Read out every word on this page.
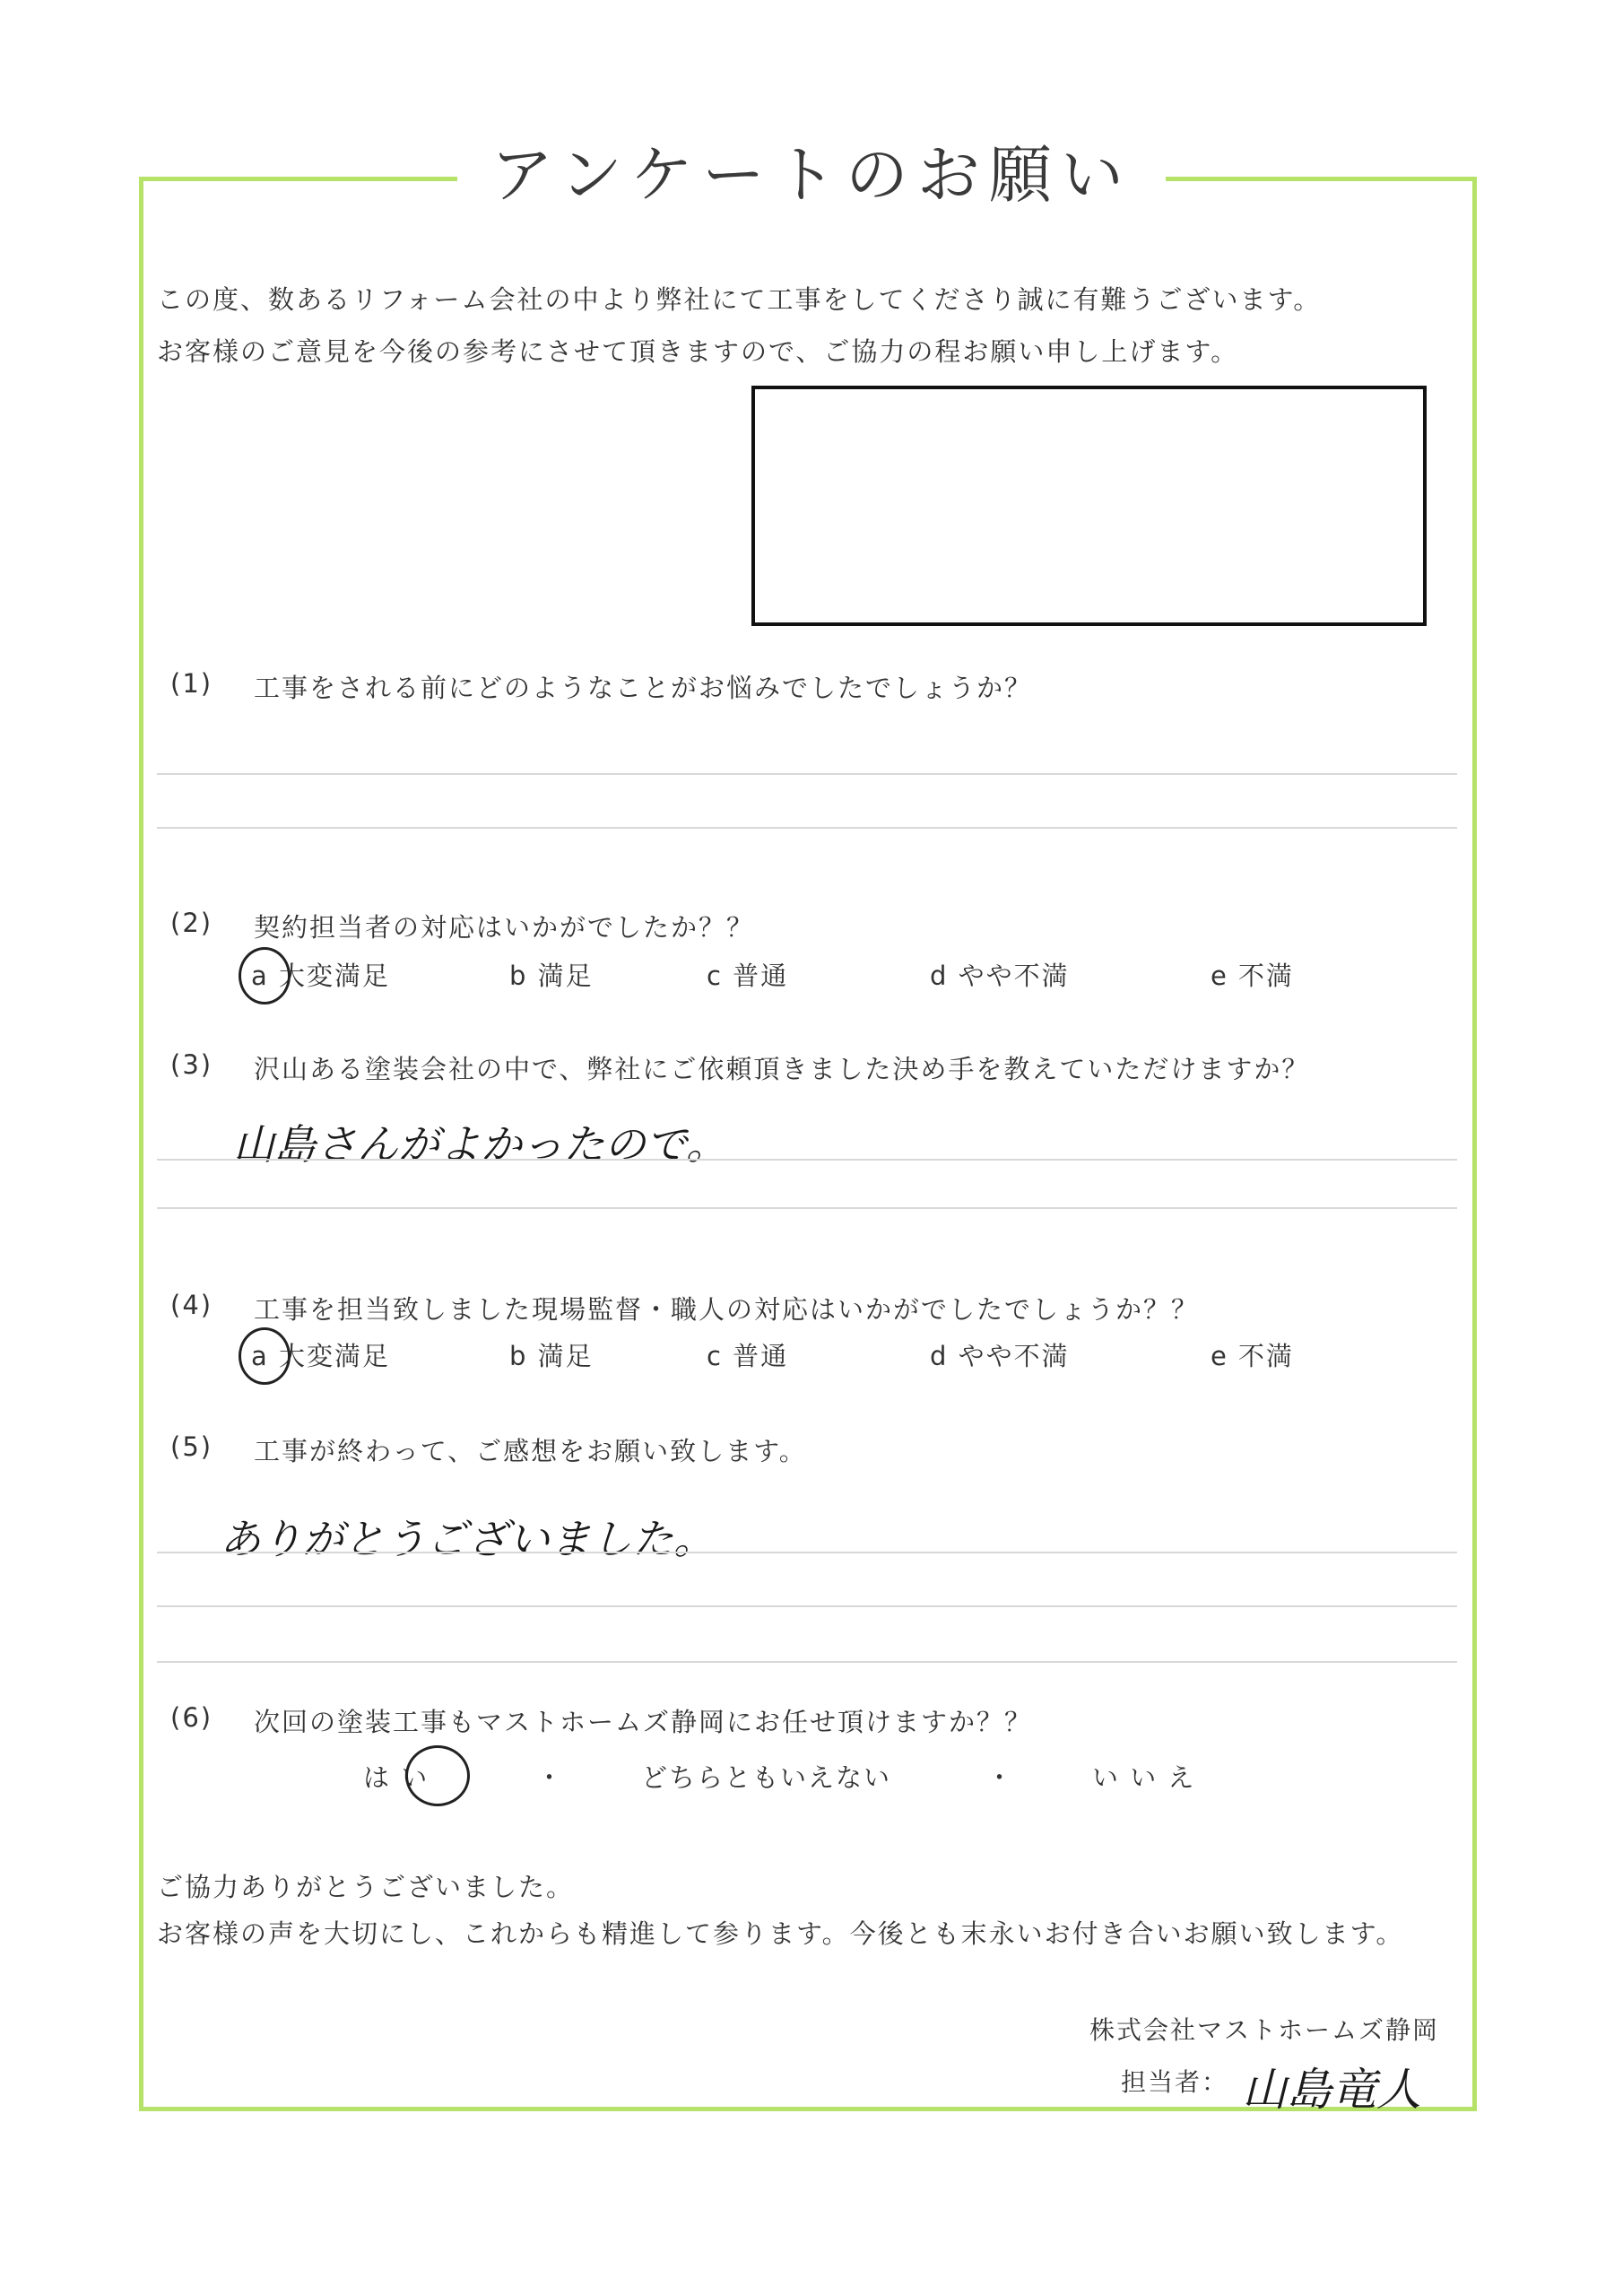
アンケートのお願い
この度、数あるリフォーム会社の中より弊社にて工事をしてくださり誠に有難うございます。
お客様のご意見を今後の参考にさせて頂きますので、ご協力の程お願い申し上げます。
(1) 工事をされる前にどのようなことがお悩みでしたでしょうか？
(2) 契約担当者の対応はいかがでしたか？？
a 大変満足	b 満足	c 普通	d やや不満	e 不満
(3) 沢山ある塗装会社の中で、弊社にご依頼頂きました決め手を教えていただけますか？
山島さんがよかったので。
(4) 工事を担当致しました現場監督・職人の対応はいかがでしたでしょうか？？
a 大変満足	b 満足	c 普通	d やや不満	e 不満
(5) 工事が終わって、ご感想をお願い致します。
ありがとうございました。
(6) 次回の塗装工事もマストホームズ静岡にお任せ頂けますか？？
は い	・	どちらともいえない	・	い い え
ご協力ありがとうございました。
お客様の声を大切にし、これからも精進して参ります。今後とも末永いお付き合いお願い致します。
株式会社マストホームズ静岡
担当者： 山島竜人
